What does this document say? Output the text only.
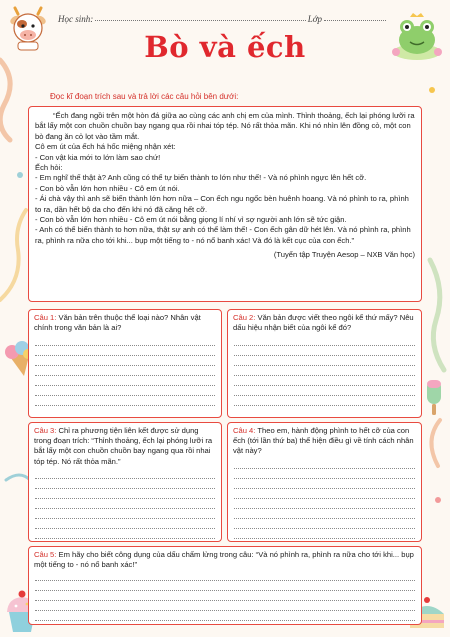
Học sinh:	Lớp
Bò và ếch
Đọc kĩ đoạn trích sau và trả lời các câu hỏi bên dưới:

“Ếch đang ngồi trên một hòn đá giữa ao cùng các anh chị em của mình. Thỉnh thoảng, ếch lại phóng lưỡi ra bắt lấy một con chuồn chuồn bay ngang qua rồi nhai tóp tép. Nó rất thỏa mãn. Khi nó nhìn lên đồng cỏ, một con bò đang ăn cỏ lọt vào tầm mắt.

Cô em út của ếch há hốc miệng nhận xét:

- Con vật kia mới to lớn làm sao chứ!

Ếch hỏi:

- Em nghĩ thế thật à? Anh cũng có thể tự biến thành to lớn như thế! - Và nó phình ngực lên hết cỡ.

- Con bò vẫn lớn hơn nhiều - Cô em út nói.

- Ái chà vậy thì anh sẽ biến thành lớn hơn nữa – Con ếch ngu ngốc bèn huênh hoang. Và nó phình to ra, phình to ra, dần hết bộ da cho đến khi nó đã căng hết cỡ.

- Con bò vẫn lớn hơn nhiều - Cô em út nói bằng giọng lí nhí vì sợ người anh lớn sẽ tức giận.

- Anh có thể biến thành to hơn nữa, thật sự anh có thể làm thế! - Con ếch gân dữ hét lên. Và nó phình ra, phình ra, phình ra nữa cho tới khi... bụp một tiếng to - nó nổ banh xác! Và đó là kết cục của con ếch.”

(Tuyển tập Truyện Aesop – NXB Văn học)

Câu 1: Văn bản trên thuộc thể loại nào? Nhân vật chính trong văn bản là ai?
Câu 2: Văn bản được viết theo ngôi kể thứ mấy? Nêu dấu hiệu nhận biết của ngôi kể đó?
Câu 3: Chỉ ra phương tiện liên kết được sử dụng trong đoạn trích: “Thỉnh thoảng, ếch lại phóng lưỡi ra bắt lấy một con chuồn chuồn bay ngang qua rồi nhai tóp tép. Nó rất thỏa mãn.”
Câu 4: Theo em, hành động phình to hết cỡ của con ếch (tới lần thứ ba) thể hiện điều gì về tính cách nhân vật này?
Câu 5: Em hãy cho biết công dụng của dấu chấm lửng trong câu: “Và nó phình ra, phình ra nữa cho tới khi... bụp một tiếng to - nó nổ banh xác!”
